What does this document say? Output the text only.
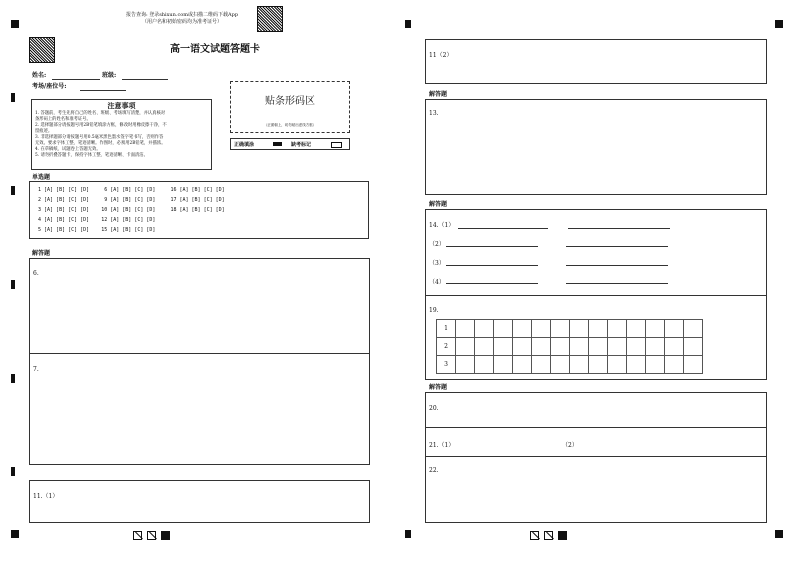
报告查询: 登录shixun.com或扫描二维码下载App
（用户名和初始密码均为准考证号）
高一语文试题答题卡
姓名:	班级:
考场/座位号:
注意事项
1. 答题前，考生先将自己的姓名、班级、考场填写清楚，并认真核对
条形码上的姓名和准考证号。
2. 选择题部分请按题号用2B铅笔填涂方框，修改时用橡皮擦干净，不
留痕迹。
3. 非选择题部分请按题号用0.5毫米黑色墨水签字笔书写，否则作答
无效。要求字体工整、笔迹清晰。作图时，必须用2B铅笔，并描浓。
4. 在草稿纸、试题卷上答题无效。
5. 请勿折叠答题卡，保持字体工整、笔迹清晰、卡面清洁。
贴条形码区
（正面朝上，切勿贴出虚线方框）
正确填涂	缺考标记
单选题
1 [A] [B] [C] [D]     6 [A] [B] [C] [D]     16 [A] [B] [C] [D]
2 [A] [B] [C] [D]     9 [A] [B] [C] [D]     17 [A] [B] [C] [D]
3 [A] [B] [C] [D]    10 [A] [B] [C] [D]     18 [A] [B] [C] [D]
4 [A] [B] [C] [D]    12 [A] [B] [C] [D]
5 [A] [B] [C] [D]    15 [A] [B] [C] [D]
解答题
6.
7.
11.（1）
11（2）
解答题
13.
解答题
14.（1）
（2）
（3）
（4）
19.
1													
2													
3													
解答题
20.
21.（1）	（2）
22.
